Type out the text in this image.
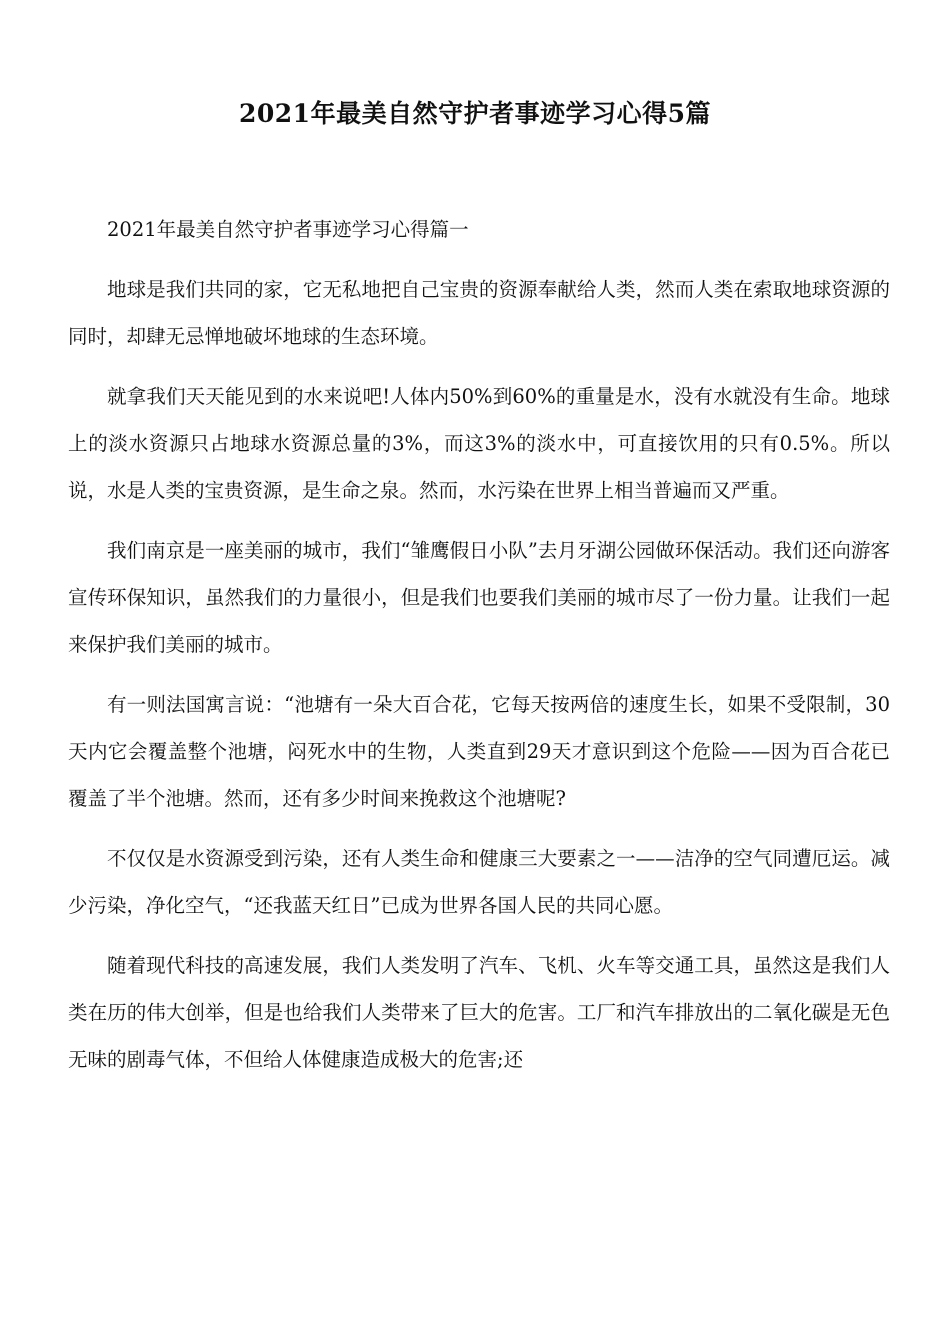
2021年最美自然守护者事迹学习心得5篇

2021年最美自然守护者事迹学习心得篇一

地球是我们共同的家，它无私地把自己宝贵的资源奉献给人类，然而人类在索取地球资源的同时，却肆无忌惮地破坏地球的生态环境。

就拿我们天天能见到的水来说吧!人体内50%到60%的重量是水，没有水就没有生命。地球上的淡水资源只占地球水资源总量的3%，而这3%的淡水中，可直接饮用的只有0.5%。所以说，水是人类的宝贵资源，是生命之泉。然而，水污染在世界上相当普遍而又严重。

我们南京是一座美丽的城市，我们“雏鹰假日小队”去月牙湖公园做环保活动。我们还向游客宣传环保知识，虽然我们的力量很小，但是我们也要我们美丽的城市尽了一份力量。让我们一起来保护我们美丽的城市。

有一则法国寓言说：“池塘有一朵大百合花，它每天按两倍的速度生长，如果不受限制，30天内它会覆盖整个池塘，闷死水中的生物，人类直到29天才意识到这个危险——因为百合花已覆盖了半个池塘。然而，还有多少时间来挽救这个池塘呢?

不仅仅是水资源受到污染，还有人类生命和健康三大要素之一——洁净的空气同遭厄运。减少污染，净化空气，“还我蓝天红日”已成为世界各国人民的共同心愿。

随着现代科技的高速发展，我们人类发明了汽车、飞机、火车等交通工具，虽然这是我们人类在历的伟大创举，但是也给我们人类带来了巨大的危害。工厂和汽车排放出的二氧化碳是无色无味的剧毒气体，不但给人体健康造成极大的危害;还
